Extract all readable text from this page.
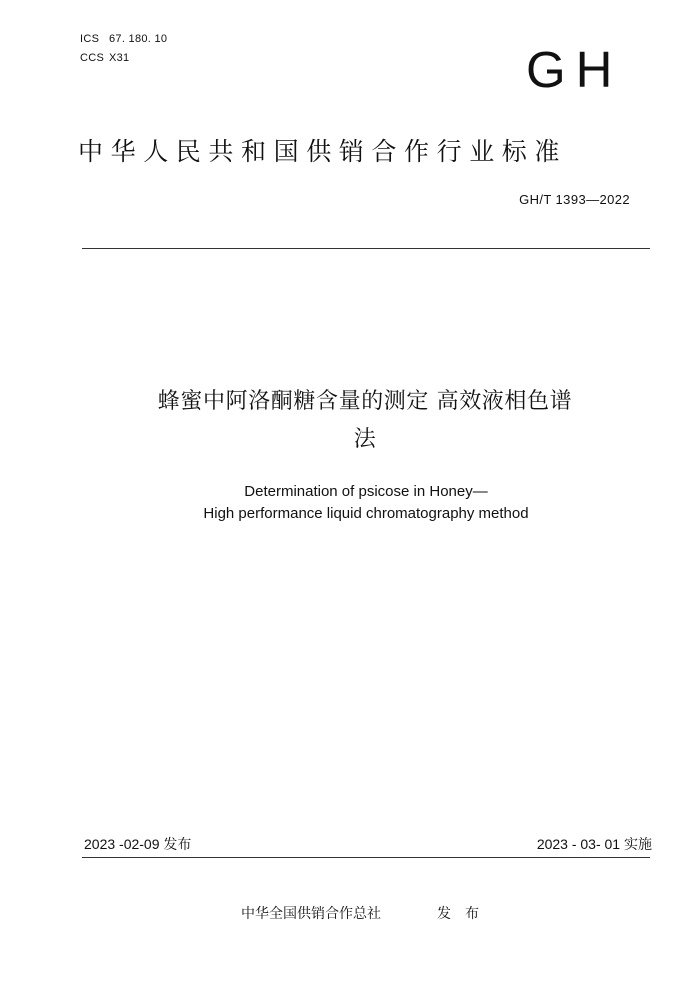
ICS 67. 180. 10
CCS X31	GH
中华人民共和国供销合作行业标准
GH/T 1393—2022
蜂蜜中阿洛酮糖含量的测定 高效液相色谱
法
Determination of psicose in Honey—
High performance liquid chromatography method
2023 -02-09 发布	2023 - 03- 01 实施
中华全国供销合作总社	发布
